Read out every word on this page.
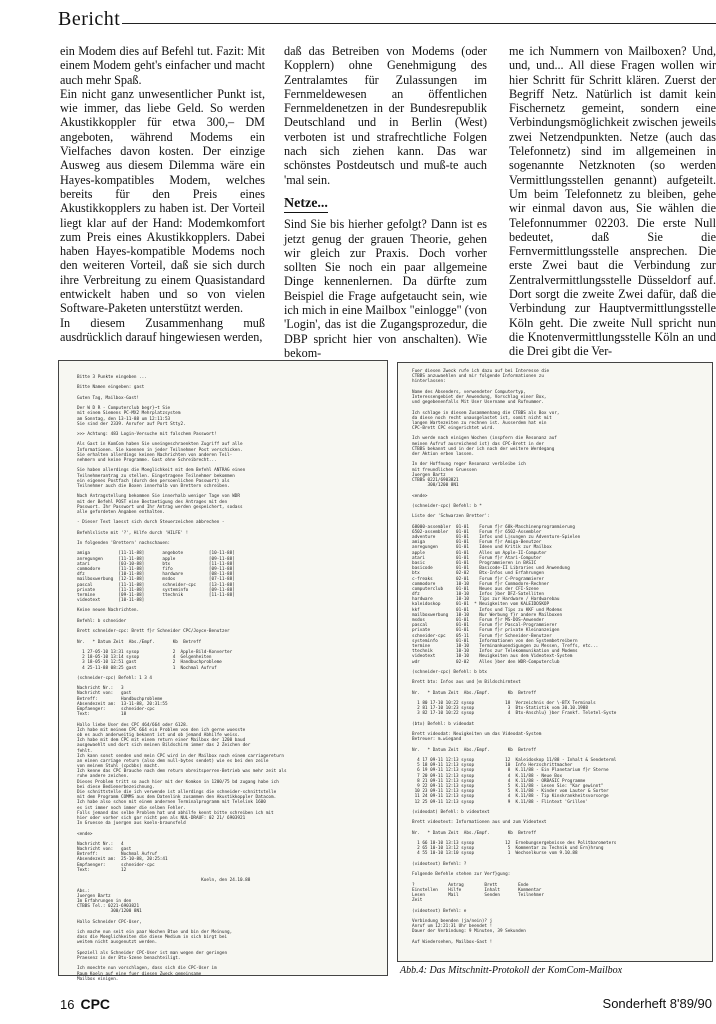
Bericht

ein Modem dies auf Befehl tut. Fazit: Mit einem Modem geht's einfacher und macht auch mehr Spaß.

Ein nicht ganz unwesentlicher Punkt ist, wie immer, das liebe Geld. So werden Akustikkoppler für etwa 300,– DM angeboten, während Modems ein Vielfaches davon kosten. Der einzige Ausweg aus diesem Dilemma wäre ein Hayes-kompatibles Modem, welches bereits für den Preis eines Akustikkopplers zu haben ist. Der Vorteil liegt klar auf der Hand: Modemkomfort zum Preis eines Akustikkopplers. Dabei haben Hayes-kompatible Modems noch den weiteren Vorteil, daß sie sich durch ihre Verbreitung zu einem Quasistandard entwickelt haben und so von vielen Software-Paketen unterstützt werden.

In diesem Zusammenhang muß ausdrücklich darauf hingewiesen werden,

daß das Betreiben von Modems (oder Kopplern) ohne Genehmigung des Zentralamtes für Zulassungen im Fernmeldewesen an öffentlichen Fernmeldenetzen in der Bundesrepublik Deutschland und in Berlin (West) verboten ist und strafrechtliche Folgen nach sich ziehen kann. Das war schönstes Postdeutsch und muß-te auch 'mal sein.

Netze...

Sind Sie bis hierher gefolgt? Dann ist es jetzt genug der grauen Theorie, gehen wir gleich zur Praxis. Doch vorher sollten Sie noch ein paar allgemeine Dinge kennenlernen. Da dürfte zum Beispiel die Frage aufgetaucht sein, wie ich mich in eine Mailbox "einlogge" (von 'Login', das ist die Zugangsprozedur, die DBP spricht hier von anschalten). Wie bekom-

me ich Nummern von Mailboxen? Und, und, und... All diese Fragen wollen wir hier Schritt für Schritt klären. Zuerst der Begriff Netz. Natürlich ist damit kein Fischernetz gemeint, sondern eine Verbindungsmöglichkeit zwischen jeweils zwei Netzendpunkten. Netze (auch das Telefonnetz) sind im allgemeinen in sogenannte Netzknoten (so werden Vermittlungsstellen genannt) aufgeteilt. Um beim Telefonnetz zu bleiben, gehe wir einmal davon aus, Sie wählen die Telefonnummer 02203. Die erste Null bedeutet, daß Sie die Fernvermittlungsstelle ansprechen. Die erste Zwei baut die Verbindung zur Zentralvermittlungsstelle Düsseldorf auf. Dort sorgt die zweite Zwei dafür, daß die Verbindung zur Hauptvermittlungsstelle Köln geht. Die zweite Null spricht nun die Knotenvermittlungsstelle Köln an und die Drei gibt die Ver-

Bitte 3 Punkte eingeben ...
Bitte Namen eingeben: gast
Guten Tag, Mailbox-Gast!
Der W D R - Computerclub begr}~t Sie
mit einem Siemens PC-MX2 Mehrplatzsystem
am Sonntag, den 13-11-88 um 12:11:53
Sie sind der 2339. Anrufer auf Port Stty2.
>>> Achtung: 483 Login-Versuche mit falschem Passwort!
Als Gast in KomCom haben Sie uneingeschraenkten Zugriff auf alle
Informationen. Sie koennen in jeder Teilnehmer Post verschicken.
Sie erhalten allerdings keinen Nachrichten von anderen Teil-
nehmern und keine Programme. Gast ohne Schreibrecht...
Sie haben allerdings die Moeglichkeit mit dem Befehl ANTRAG einen
Teilnehmerantrag zu stellen. Eingetragene Teilnehmer bekommen
ein eigenes Postfach (durch den persoenlichen Passwort) als
Teilnehmer auch die Boxen innerhalb von Brettern schreiben.
Nach Antragstellung bekommen Sie innerhalb weniger Tage von WDR
mit der Befehl POST eine Bestaetigung des Antrages mit den
Passwort. Ihr Passwort und Ihr Antrag werden gespeichert, sodass
alle gefordeten Angaben enthalten.
- Dieser Text laesst sich durch Steuerzeichen abbrechen -
Befehlsliste mit '?', Hilfe durch 'HILFE' !
In folgenden 'Brettern' nachschauen:
amiga           [11-11-88]       angebote          [10-11-88]
anregungen      [11-11-88]       apple             [09-11-88]
atari           [03-10-88]       btx               [11-11-88]
commodore       [11-11-88]       fifo              [09-11-88]
dfz             [10-11-88]       hardware          [08-11-88]
mailboxwerbung  [12-11-88]       msdos             [07-11-88]
pascal          [11-11-88]       schneider-cpc     [13-11-88]
private         [11-11-88]       systeminfo        [09-11-88]
termine         [09-11-88]       ttechnik          [11-11-88]
videotext       [10-11-88]
Keine neuen Nachrichten.
Befehl: b schneider
Brett schneider-cpc: Brett f}r Schneider CPC/Joyce-Benutzer
Nr.   * Datum Zeit  Abs./Empf.       Kb  Betreff
1 27-05-10 13:31 sysop             2  Apple-Bild-Konverter
2 18-05-10 13:14 sysop             4  Gelgenheiten
3 18-05-10 12:51 gast              2  Handbuchprobleme
4 25-11-88 08:25 gast              1  Nochmal Aufruf
(schneider-cpc) Befehl: 1 3 4
Nachricht Nr.:   3
Nachricht von:   gast
Betreff:         Handbuchprobleme
Absendezeit am:  13-11-88, 20:31:55
Empfaenger:      schneider-cpc
Text:            18
Hallo liebe User des CPC 464/664 oder 6128.
Ich habe mit meinem CPC 664 ein Problem von den ich gerne wuesste
ob es auch anderweitig bekannt ist und ob jemand Abhilfe weiss.
Ich habe mit dem CPC mit einem return einer Mailbox der 1200 baud
ausgewaehlt und dort sich meinen Bildschirm immer das 2 Zeichen der
fehlt.
Ich kann sonst senden und mein CPC wird in der Mailbox nach einem carriagereturn
an einen carriage return (also dem null-bytes sendet) wie es bei den zeile
von meinem Stuhl (cpcbbs) macht.
Ich kenne das CPC Brauche nach dem return obreitsperren-Betrieb was mehr zeit als
ruhe andere zeichen.
Dieses Problem tritt so auch hier mit der Komkon in 1200/75 bd zugang habe ich
bei diese Bedienerbezeichnung.
Die schnittstelle die ich verwende ist allerdings die schneider-schnittstelle
mit dem Programm COMMS aus dem Datenlink zusammen den Akustikkoppler Datacom.
Ich habe also schon mit einem andernen Terminalprogramm mit Telelink 1600
es ist immer noch immer die selben Fehler.
Falls jemand das selbe Problem hat und abhilfe kennt bitte schreiben ich mit
hier oder vorher sich gar nicht pen als NUL-DRAUF: 02 21/ 6903921
In Gruesse da juergen aus koeln-braunsfeld
<ende>
Nachricht Nr.:   4
Nachricht von:   gast
Betreff:         Nochmal Aufruf
Absendezeit am:  25-10-88, 20:25:41
Empfaenger:      schneider-cpc
Text:            12
Koeln, den 24.10.88
Abs.:
Juergen Bartz
Im Erfahrungen in den
CTBBS Tel.: 0221-6903821
300/1200 8N1
Hallo Schneider CPC-User,
ich mache nun seit ein paar Wochen Btue und bin der Meinung,
dass die Moeglichkeiten die diese Medium in sich birgt bei
weitem nicht ausgenutzt werden.
Speziell als Schneider CPC-User ist man wegen der geringen
Praesenz in der Btx-Szene benachteiligt.
Ich moechte nun vorschlagen, dass sich die CPC-User im
Raum Koeln auf eine fuer diesen Zweck gemeinsame
Mailbox einigen.
Fuer diesen Zweck rufe ich dazu auf bei Interesse die
CTBBS anzuwaehlen und mir folgende Informationen zu
hinterlassen:
Name des Absenders, verwendeter Computertyp,
Interessengebiet der Anwendung, Vorschlag einer Box,
und gegebenenfalls Mit User Username und Rufnummer.
Ich schlage in diesem Zusammenhang die CTBBS als Box vor,
da diese noch recht unausgelastet ist, somit nicht mit
langen Wartezeiten zu rechnen ist. Ausserdem hat ein
CPC-Brett CPC eingerichtet wird.
Ich werde nach einigen Wochen (inspfern die Resonanz auf
meinen Aufruf ausreichend ist) das CPC-Brett in der
CTBBS bekannt und in der ich nach der weitere Werdegang
der Aktion erben lassen.
In der Hoffnung reger Resonanz verbleibe ich
mit freundlichen Gruessen
Juergen Bartz
CTBBS 0221/6903821
300/1200 8N1
<ende>
(schneider-cpc) Befehl: b *
Liste der 'Schwarzen Bretter':
68000-assembler  01-01    Forum f}r 68k-Maschinenprogrammierung
6502-assembler   01-01    Forum f}r 6502-Assembler
adventure        01-01    Infos und L|sungen zu Adventure-Spielen
amiga            01-01    Forum f}r Amiga-Benutzer
anregungen       01-01    Ideen und Kritik zur Mailbox
apple            01-01    Alles um Apple-II-Computer
atari            01-01    Forum f}r Atari-Computer
basic            01-01    Programmieren in BASIC
basicode         01-01    Basicode-II Libraries und Anwendung
btx              02-02    Btx-Infos und Erfahrungen
c-freaks         02-01    Forum f}r C-Programmierer
commodore        10-10    Forum f}r Commodore-Rechner
computerclub     01-01    Neues aus der CFI-Szene
dfz              10-10    Infos }ber DFZ-Satelliten
hardware         10-10    Tips zur Hardware / Hardwarebau
kaleidoskop      01-01  * Neuigkeiten vom KALEIDOSKOP
kkf              01-01    Infos und Tips zu KKF und Modems
mailboxwerbung   10-10    Nur Werbung f}r andere Mailboxen
msdos            01-01    Forum f}r MS-DOS-Anwender
pascal           01-01    Forum f}r Pascal-Programmierer
private          01-01    Forum f}r private Kleinanzeigen
schneider-cpc    05-11    Forum f}r Schneider-Benutzer
systeminfo       01-01    Informationen von den Systembetreibern
termine          10-10    Terminankuendigungen zu Messen, Treffs, etc...
ttechnik         10-10    Infos zur Telekommunikation und Modems
videotext        10-10    Neuigkeiten aus dem Videotext-System
wdr              02-02    Alles }ber den WDR-Computerclub
(schneider-cpc) Befehl: b btx
Brett btx: Infos aus und }m Bildschirmtext
Nr.   * Datum Zeit  Abs./Empf.       Kb  Betreff
1 80 17-10 10:22 sysop            18  Verzeichnis der \-BTX Terminals
2 81 17-10 10:23 sysop             3  Btx-Statistik vom 30.10.1988
3 82 17-10 10:22 sysop             4  Btx-Anschlu} }ber Frankf. Teletel-Syste
(btx) Befehl: b videodat
Brett videodat: Neuigkeiten um das Videodat-System
Betreuer: m.wiegand
Nr.   * Datum Zeit  Abs./Empf.       Kb  Betreff
4 17 09-11 12:13 sysop            12  Kaleidoskop 11/88 - Inhalt & Sendeterml
5 18 09-11 12:13 sysop            10  Info Herzschrittmacher
6 19 09-11 12:13 sysop             8  K.11/88 - Ein Planetarium f}r Sterne
7 20 09-11 12:13 sysop             4  K.11/88 - Neue Box
8 21 09-11 12:13 sysop             4  K.11/88 - ORBASIC Programme
9 22 09-11 12:13 sysop             5  K.11/88 - Lesen Sie: "Kar gewinnt"
10 23 09-11 12:13 sysop             5  K.11/88 - Kinder vom Lauter & Sorter
11 24 09-11 12:13 sysop             4  K.11/88 - Tip Kinskrankheitsvorsorge
12 25 09-11 12:13 sysop             9  K.11/88 - Flintext 'Grillen'
(videodat) Befehl: b videotext
Brett videotext: Informationen aus und zum Videotext
Nr.   * Datum Zeit  Abs./Empf.       Kb  Betreff
1 66 10-10 13:13 sysop            12  Ernebungsergebnisse des Politbarometers
2 65 10-10 13:12 sysop             5  Kommentar zu Technik und Ern}hrung
4 55 10-10 13:10 sysop             1  Wechselkurse vom 9.10.88
(videotext) Befehl: ?
Folgende Befehle stehen zur Verf}gung:
?             Antrag        Brett        Ende
Einstellen    Hilfe         Inhalt       Kommentar
Lesen         Mail          Senden       Teilnehmer
Zeit
(videotext) Befehl: e
Verbindung beenden (ja/nein)? j
Anruf um 12:21:31 Uhr beendet !
Dauer der Verbindung: 9 Minuten, 39 Sekunden
Auf Wiedersehen, Mailbox-Gast !
Abb.4: Das Mitschnitt-Protokoll der KomCom-Mailbox
16 CPC	Sonderheft 8'89/90
